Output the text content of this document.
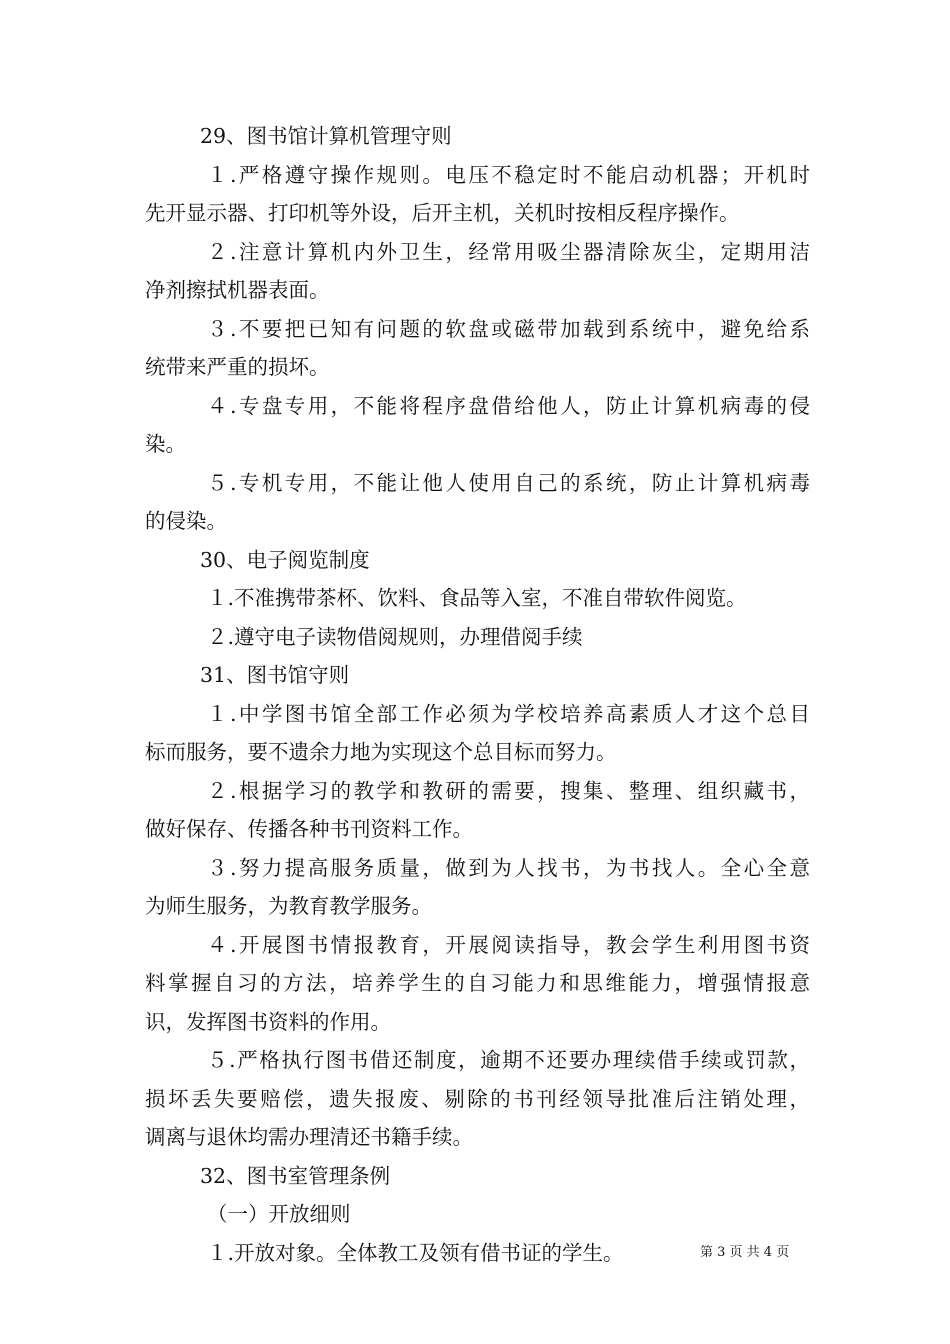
29、图书馆计算机管理守则
１.严格遵守操作规则。电压不稳定时不能启动机器；开机时
先开显示器、打印机等外设，后开主机，关机时按相反程序操作。
２.注意计算机内外卫生，经常用吸尘器清除灰尘，定期用洁
净剂擦拭机器表面。
３.不要把已知有问题的软盘或磁带加载到系统中，避免给系
统带来严重的损坏。
４.专盘专用，不能将程序盘借给他人，防止计算机病毒的侵
染。
５.专机专用，不能让他人使用自己的系统，防止计算机病毒
的侵染。
30、电子阅览制度
１.不准携带茶杯、饮料、食品等入室，不准自带软件阅览。
２.遵守电子读物借阅规则，办理借阅手续
31、图书馆守则
１.中学图书馆全部工作必须为学校培养高素质人才这个总目
标而服务，要不遗余力地为实现这个总目标而努力。
２.根据学习的教学和教研的需要，搜集、整理、组织藏书，
做好保存、传播各种书刊资料工作。
３.努力提高服务质量，做到为人找书，为书找人。全心全意
为师生服务，为教育教学服务。
４.开展图书情报教育，开展阅读指导，教会学生利用图书资
料掌握自习的方法，培养学生的自习能力和思维能力，增强情报意
识，发挥图书资料的作用。
５.严格执行图书借还制度，逾期不还要办理续借手续或罚款，
损坏丢失要赔偿，遗失报废、剔除的书刊经领导批准后注销处理，
调离与退休均需办理清还书籍手续。
32、图书室管理条例
（一）开放细则
１.开放对象。全体教工及领有借书证的学生。	第 3 页 共 4 页
